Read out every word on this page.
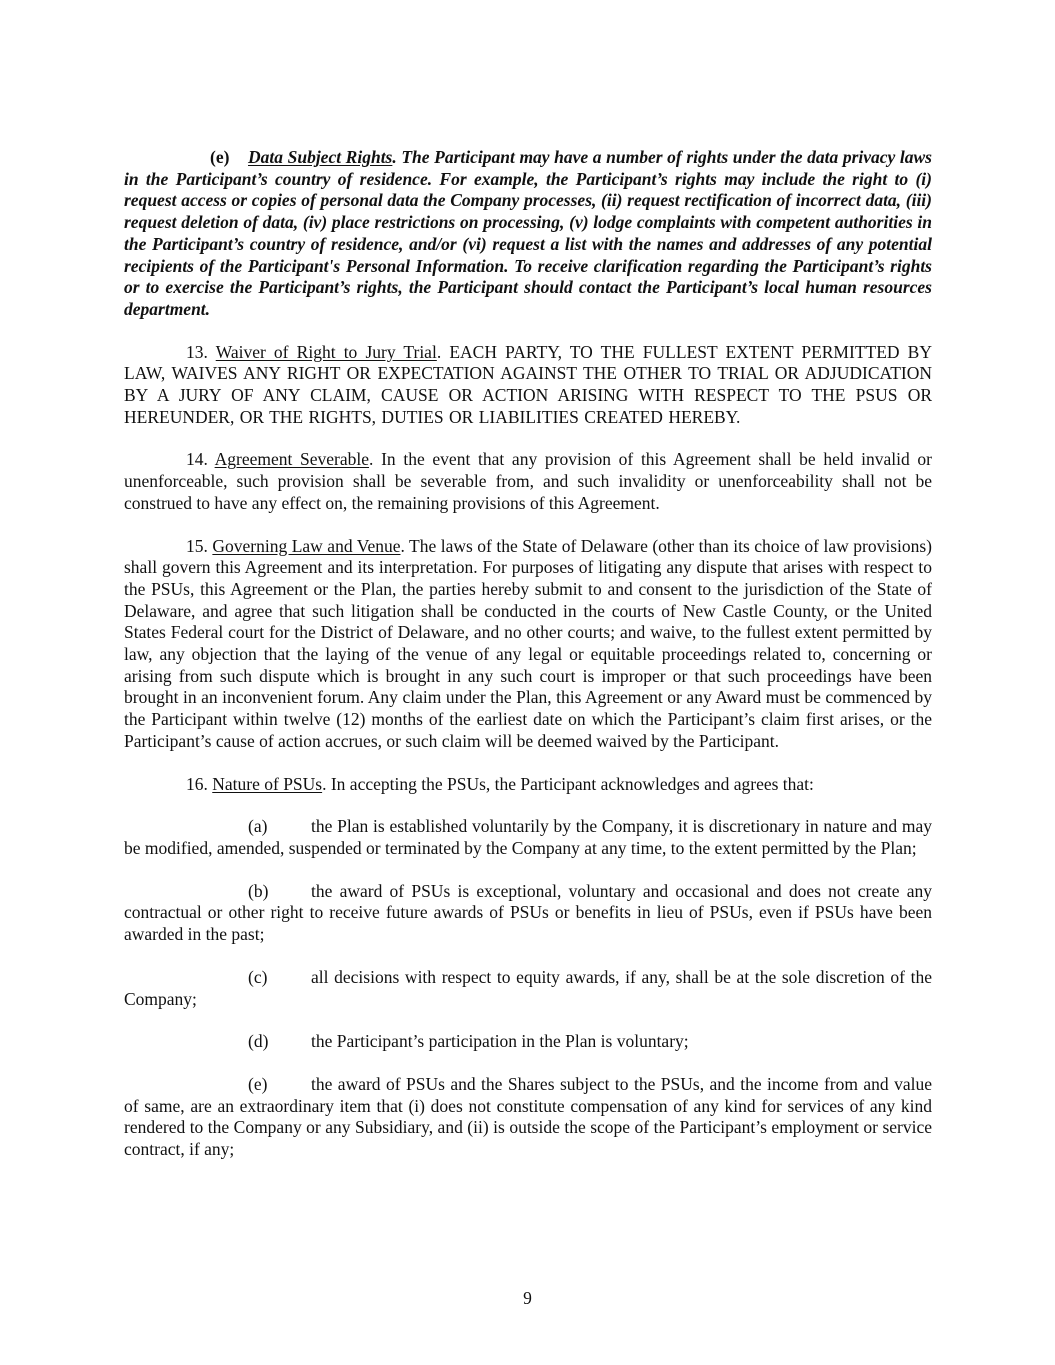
(e) Data Subject Rights. The Participant may have a number of rights under the data privacy laws in the Participant’s country of residence. For example, the Participant’s rights may include the right to (i) request access or copies of personal data the Company processes, (ii) request rectification of incorrect data, (iii) request deletion of data, (iv) place restrictions on processing, (v) lodge complaints with competent authorities in the Participant’s country of residence, and/or (vi) request a list with the names and addresses of any potential recipients of the Participant's Personal Information. To receive clarification regarding the Participant’s rights or to exercise the Participant’s rights, the Participant should contact the Participant’s local human resources department.

13. Waiver of Right to Jury Trial. EACH PARTY, TO THE FULLEST EXTENT PERMITTED BY LAW, WAIVES ANY RIGHT OR EXPECTATION AGAINST THE OTHER TO TRIAL OR ADJUDICATION BY A JURY OF ANY CLAIM, CAUSE OR ACTION ARISING WITH RESPECT TO THE PSUS OR HEREUNDER, OR THE RIGHTS, DUTIES OR LIABILITIES CREATED HEREBY.

14. Agreement Severable. In the event that any provision of this Agreement shall be held invalid or unenforceable, such provision shall be severable from, and such invalidity or unenforceability shall not be construed to have any effect on, the remaining provisions of this Agreement.

15. Governing Law and Venue. The laws of the State of Delaware (other than its choice of law provisions) shall govern this Agreement and its interpretation. For purposes of litigating any dispute that arises with respect to the PSUs, this Agreement or the Plan, the parties hereby submit to and consent to the jurisdiction of the State of Delaware, and agree that such litigation shall be conducted in the courts of New Castle County, or the United States Federal court for the District of Delaware, and no other courts; and waive, to the fullest extent permitted by law, any objection that the laying of the venue of any legal or equitable proceedings related to, concerning or arising from such dispute which is brought in any such court is improper or that such proceedings have been brought in an inconvenient forum. Any claim under the Plan, this Agreement or any Award must be commenced by the Participant within twelve (12) months of the earliest date on which the Participant’s claim first arises, or the Participant’s cause of action accrues, or such claim will be deemed waived by the Participant.

16. Nature of PSUs. In accepting the PSUs, the Participant acknowledges and agrees that:

(a) the Plan is established voluntarily by the Company, it is discretionary in nature and may be modified, amended, suspended or terminated by the Company at any time, to the extent permitted by the Plan;

(b) the award of PSUs is exceptional, voluntary and occasional and does not create any contractual or other right to receive future awards of PSUs or benefits in lieu of PSUs, even if PSUs have been awarded in the past;

(c) all decisions with respect to equity awards, if any, shall be at the sole discretion of the Company;

(d) the Participant’s participation in the Plan is voluntary;

(e) the award of PSUs and the Shares subject to the PSUs, and the income from and value of same, are an extraordinary item that (i) does not constitute compensation of any kind for services of any kind rendered to the Company or any Subsidiary, and (ii) is outside the scope of the Participant’s employment or service contract, if any;

9
